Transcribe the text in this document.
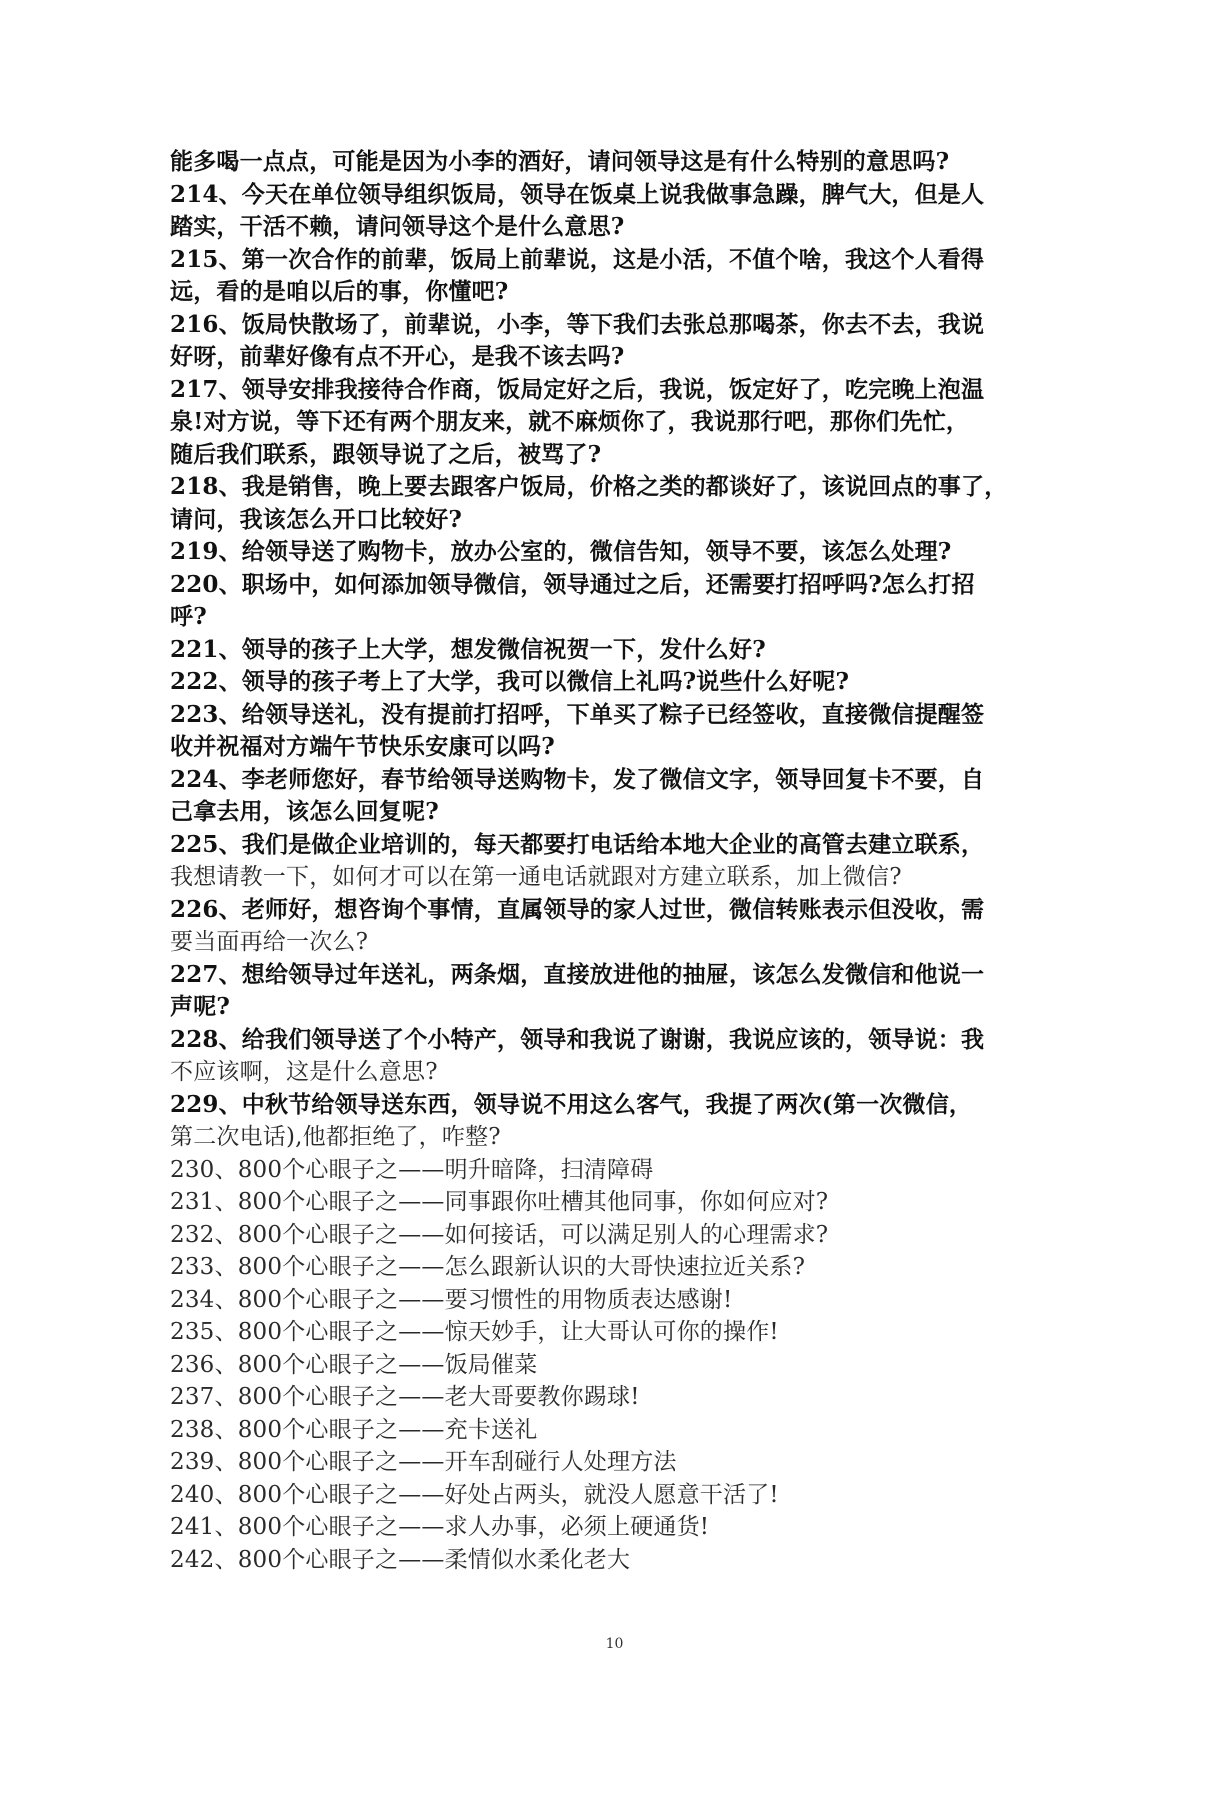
能多喝一点点，可能是因为小李的酒好，请问领导这是有什么特别的意思吗?
214、今天在单位领导组织饭局，领导在饭桌上说我做事急躁，脾气大，但是人
踏实，干活不赖，请问领导这个是什么意思?
215、第一次合作的前辈，饭局上前辈说，这是小活，不值个啥，我这个人看得
远，看的是咱以后的事，你懂吧?
216、饭局快散场了，前辈说，小李，等下我们去张总那喝茶，你去不去，我说
好呀，前辈好像有点不开心，是我不该去吗?
217、领导安排我接待合作商，饭局定好之后，我说，饭定好了，吃完晚上泡温
泉!对方说，等下还有两个朋友来，就不麻烦你了，我说那行吧，那你们先忙，
随后我们联系，跟领导说了之后，被骂了?
218、我是销售，晚上要去跟客户饭局，价格之类的都谈好了，该说回点的事了，
请问，我该怎么开口比较好?
219、给领导送了购物卡，放办公室的，微信告知，领导不要，该怎么处理?
220、职场中，如何添加领导微信，领导通过之后，还需要打招呼吗?怎么打招
呼?
221、领导的孩子上大学，想发微信祝贺一下，发什么好?
222、领导的孩子考上了大学，我可以微信上礼吗?说些什么好呢?
223、给领导送礼，没有提前打招呼，下单买了粽子已经签收，直接微信提醒签
收并祝福对方端午节快乐安康可以吗?
224、李老师您好，春节给领导送购物卡，发了微信文字，领导回复卡不要，自
己拿去用，该怎么回复呢?
225、我们是做企业培训的，每天都要打电话给本地大企业的高管去建立联系，
我想请教一下，如何才可以在第一通电话就跟对方建立联系，加上微信?
226、老师好，想咨询个事情，直属领导的家人过世，微信转账表示但没收，需
要当面再给一次么?
227、想给领导过年送礼，两条烟，直接放进他的抽屉，该怎么发微信和他说一
声呢?
228、给我们领导送了个小特产，领导和我说了谢谢，我说应该的，领导说：我
不应该啊，这是什么意思?
229、中秋节给领导送东西，领导说不用这么客气，我提了两次(第一次微信，
第二次电话),他都拒绝了，咋整?
230、800个心眼子之——明升暗降，扫清障碍
231、800个心眼子之——同事跟你吐槽其他同事，你如何应对?
232、800个心眼子之——如何接话，可以满足别人的心理需求?
233、800个心眼子之——怎么跟新认识的大哥快速拉近关系?
234、800个心眼子之——要习惯性的用物质表达感谢!
235、800个心眼子之——惊天妙手，让大哥认可你的操作!
236、800个心眼子之——饭局催菜
237、800个心眼子之——老大哥要教你踢球!
238、800个心眼子之——充卡送礼
239、800个心眼子之——开车刮碰行人处理方法
240、800个心眼子之——好处占两头，就没人愿意干活了!
241、800个心眼子之——求人办事，必须上硬通货!
242、800个心眼子之——柔情似水柔化老大
10
